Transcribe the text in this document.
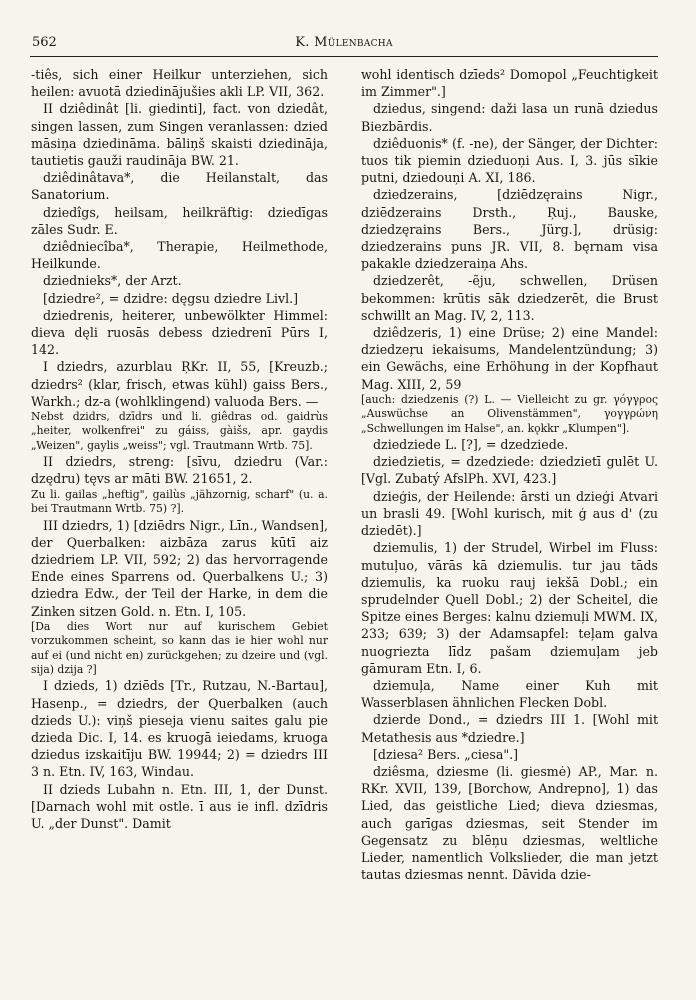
562	K. Mülenbacha

-tiês, sich einer Heilkur unterziehen, sich heilen: avuotā dziedinājušies akli LP. VII, 362.

II dziêdinât [li. giedinti], fact. von dziedât, singen lassen, zum Singen veranlassen: dzied māsiņa dziedināma. bāliņš skaisti dziedināja, tautietis gauži raudināja BW. 21.

dziêdinâtava*, die Heilanstalt, das Sanatorium.

dziedîgs, heilsam, heilkräftig: dziedīgas zāles Sudr. E.

dziêdniecîba*, Therapie, Heilmethode, Heilkunde.

dziednieks*, der Arzt.

[dziedre², = dzidre: dęgsu dziedre Livl.]

dziedrenis, heiterer, unbewölkter Himmel: dieva dęli ruosās debess dziedrenī Pūrs I, 142.

I dziedrs, azurblau ŖKr. II, 55, [Kreuzb.; dziedrs² (klar, frisch, etwas kühl) gaiss Bers., Warkh.; dz-a (wohlklingend) valuoda Bers. —

Nebst dzidrs, dzīdrs und li. giêdras od. gaidrùs „heiter, wolkenfrei" zu gáiss, gàišs, apr. gaydis „Weizen", gaylis „weiss"; vgl. Trautmann Wrtb. 75].

II dziedrs, streng: [sīvu, dziedru (Var.: dzędru) tęvs ar māti BW. 21651, 2.

Zu li. gailas „heftig", gailùs „jähzornig, scharf" (u. a. bei Trautmann Wrtb. 75) ?].

III dziedrs, 1) [dziēdrs Nigr., Līn., Wandsen], der Querbalken: aizbāza zarus kūtī aiz dziedriem LP. VII, 592; 2) das hervorragende Ende eines Sparrens od. Querbalkens U.; 3) dziedra Edw., der Teil der Harke, in dem die Zinken sitzen Gold. n. Etn. I, 105.

[Da dies Wort nur auf kurischem Gebiet vorzukommen scheint, so kann das ie hier wohl nur auf ei (und nicht en) zurückgehen; zu dzeire und (vgl. sija) dzija ?]

I dzieds, 1) dziēds [Tr., Rutzau, N.-Bartau], Hasenp., = dziedrs, der Querbalken (auch dzieds U.): viņš pieseja vienu saites galu pie dzieda Dic. I, 14. es kruogā ieiedams, kruoga dziedus izskaitīju BW. 19944; 2) = dziedrs III 3 n. Etn. IV, 163, Windau.

II dzieds Lubahn n. Etn. III, 1, der Dunst. [Darnach wohl mit ostle. ī aus ie infl. dzīdris U. „der Dunst". Damit

wohl identisch dzīeds² Domopol „Feuchtigkeit im Zimmer".]

dziedus, singend: daži lasa un runā dziedus Biezbārdis.

dziêduonis* (f. -ne), der Sänger, der Dichter: tuos tik piemin dzieduoņi Aus. I, 3. jūs sīkie putni, dziedouņi A. XI, 186.

dziedzerains, [dziēdzęrains Nigr., dziēdzerains Drsth., Ŗuj., Bauske, dziedzęrains Bers., Jürg.], drüsig: dziedzerains puns JR. VII, 8. bęrnam visa pakakle dziedzeraiņa Ahs.

dziedzerêt, -ẽju, schwellen, Drüsen bekommen: krūtis sāk dziedzerēt, die Brust schwillt an Mag. IV, 2, 113.

dziêdzeris, 1) eine Drüse; 2) eine Mandel: dziedzeŗu iekaisums, Mandelentzündung; 3) ein Gewächs, eine Erhöhung in der Kopfhaut Mag. XIII, 2, 59

[auch: dziedzenis (?) L. — Vielleicht zu gr. γόγγρος „Auswüchse an Olivenstämmen", γογγρώνη „Schwellungen im Halse", an. kǫkkr „Klumpen"].

dziedziede L. [?], = dzedziede.

dziedzietis, = dzedziede: dziedzietī gulēt U. [Vgl. Zubatý AfslPh. XVI, 423.]

dzieģis, der Heilende: ārsti un dzieģi Atvari un brasli 49. [Wohl kurisch, mit ģ aus d' (zu dziedēt).]

dziemulis, 1) der Strudel, Wirbel im Fluss: mutuļuo, vārās kā dziemulis. tur jau tāds dziemulis, ka ruoku rauj iekšā Dobl.; ein sprudelnder Quell Dobl.; 2) der Scheitel, die Spitze eines Berges: kalnu dziemuļi MWM. IX, 233; 639; 3) der Adamsapfel: teļam galva nuogriezta līdz pašam dziemuļam jeb gāmuram Etn. I, 6.

dziemuļa, Name einer Kuh mit Wasserblasen ähnlichen Flecken Dobl.

dzierde Dond., = dziedrs III 1. [Wohl mit Metathesis aus *dziedre.]

[dziesa² Bers. „ciesa".]

dziêsma, dziesme (li. giesmė) AP., Mar. n. RKr. XVII, 139, [Borchow, Andrepno], 1) das Lied, das geistliche Lied; dieva dziesmas, auch garīgas dziesmas, seit Stender im Gegensatz zu blēņu dziesmas, weltliche Lieder, namentlich Volkslieder, die man jetzt tautas dziesmas nennt. Dāvida dzie-
